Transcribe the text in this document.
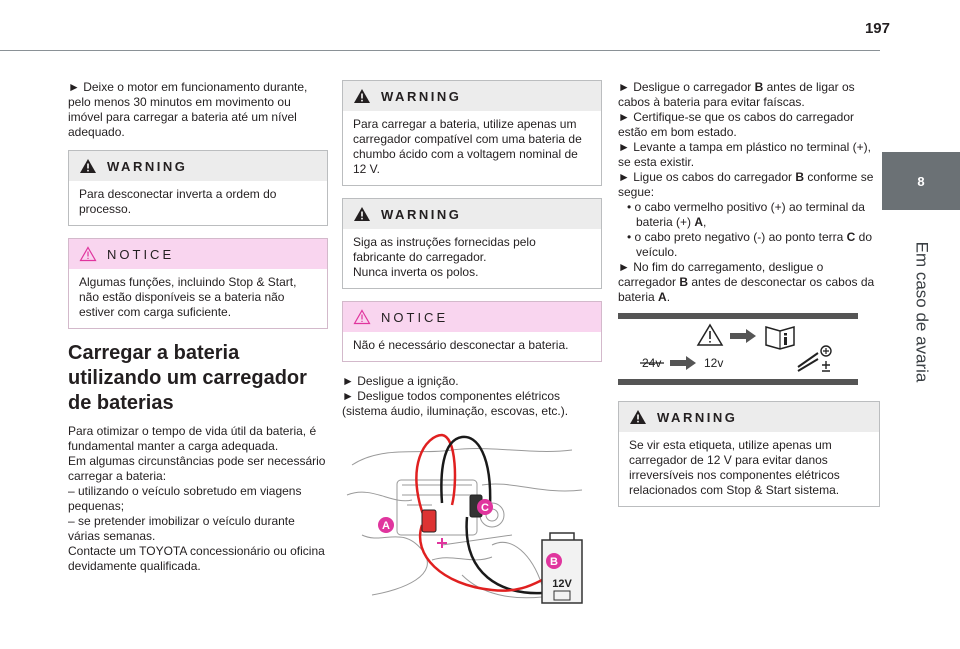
197
8
Em caso de avaria

► Deixe o motor em funcionamento durante, pelo menos 30 minutos em movimento ou imóvel para carregar a bateria até um nível adequado.

WARNING

Para desconectar inverta a ordem do processo.

NOTICE

Algumas funções, incluindo Stop & Start, não estão disponíveis se a bateria não estiver com carga suficiente.

Carregar a bateria utilizando um carregador de baterias

Para otimizar o tempo de vida útil da bateria, é fundamental manter a carga adequada.

Em algumas circunstâncias pode ser necessário carregar a bateria:

– utilizando o veículo sobretudo em viagens pequenas;

– se pretender imobilizar o veículo durante várias semanas.

Contacte um TOYOTA concessionário ou oficina devidamente qualificada.

WARNING

Para carregar a bateria, utilize apenas um carregador compatível com uma bateria de chumbo ácido com a voltagem nominal de 12 V.

WARNING

Siga as instruções fornecidas pelo fabricante do carregador.

Nunca inverta os polos.

NOTICE

Não é necessário desconectar a bateria.

► Desligue a ignição.

► Desligue todos componentes elétricos (sistema áudio, iluminação, escovas, etc.).

A
C
12V
B

► Desligue o carregador B antes de ligar os cabos à bateria para evitar faíscas.

► Certifique-se que os cabos do carregador estão em bom estado.

► Levante a tampa em plástico no terminal (+), se esta existir.

► Ligue os cabos do carregador B conforme se segue:

• o cabo vermelho positivo (+) ao terminal da bateria (+) A,

• o cabo preto negativo (-) ao ponto terra C do veículo.

► No fim do carregamento, desligue o carregador B antes de desconectar os cabos da bateria A.

24v	12v
WARNING

Se vir esta etiqueta, utilize apenas um carregador de 12 V para evitar danos irreversíveis nos componentes elétricos relacionados com Stop & Start sistema.
